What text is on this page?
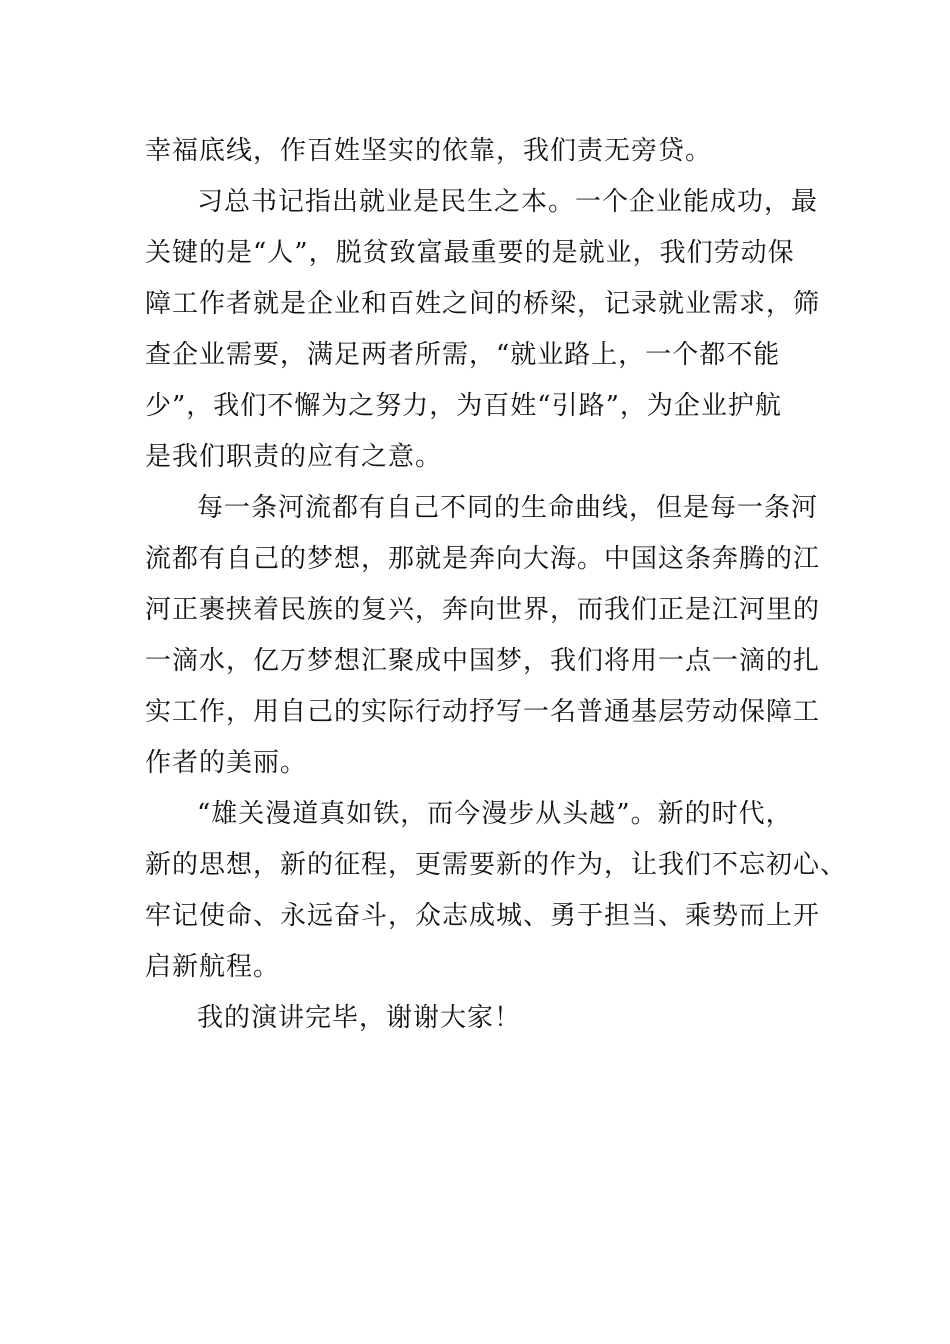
幸福底线，作百姓坚实的依靠，我们责无旁贷。
习总书记指出就业是民生之本。一个企业能成功，最
关键的是“人”，脱贫致富最重要的是就业，我们劳动保
障工作者就是企业和百姓之间的桥梁，记录就业需求，筛
查企业需要，满足两者所需，“就业路上，一个都不能
少”，我们不懈为之努力，为百姓“引路”，为企业护航
是我们职责的应有之意。
每一条河流都有自己不同的生命曲线，但是每一条河
流都有自己的梦想，那就是奔向大海。中国这条奔腾的江
河正裹挟着民族的复兴，奔向世界，而我们正是江河里的
一滴水，亿万梦想汇聚成中国梦，我们将用一点一滴的扎
实工作，用自己的实际行动抒写一名普通基层劳动保障工
作者的美丽。
“雄关漫道真如铁，而今漫步从头越”。新的时代，
新的思想，新的征程，更需要新的作为，让我们不忘初心、
牢记使命、永远奋斗，众志成城、勇于担当、乘势而上开
启新航程。
我的演讲完毕，谢谢大家！
